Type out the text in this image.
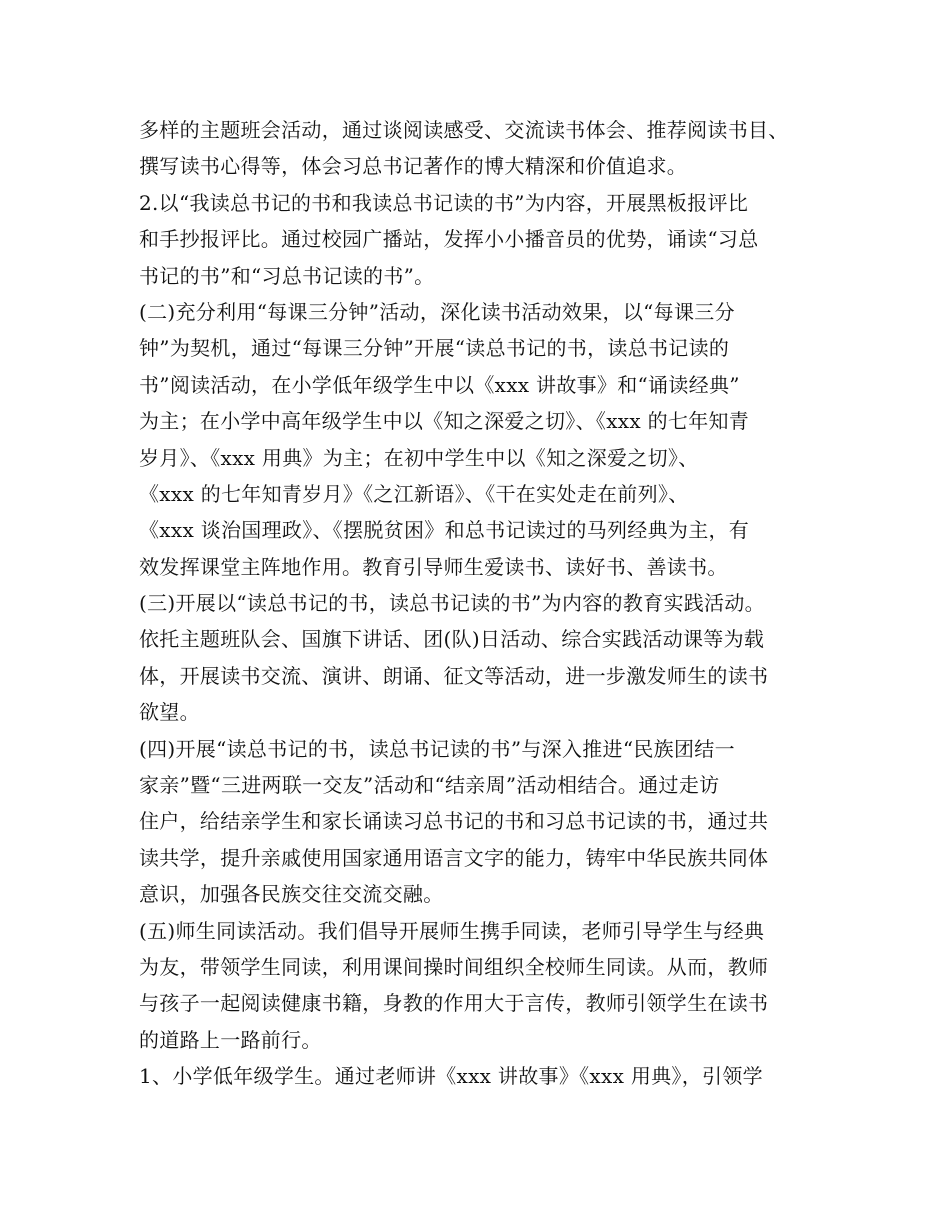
多样的主题班会活动，通过谈阅读感受、交流读书体会、推荐阅读书目、
撰写读书心得等，体会习总书记著作的博大精深和价值追求。
2.以“我读总书记的书和我读总书记读的书”为内容，开展黑板报评比
和手抄报评比。通过校园广播站，发挥小小播音员的优势，诵读“习总
书记的书”和“习总书记读的书”。
(二)充分利用“每课三分钟”活动，深化读书活动效果，以“每课三分
钟”为契机，通过“每课三分钟”开展“读总书记的书，读总书记读的
书”阅读活动，在小学低年级学生中以《xxx 讲故事》和“诵读经典”
为主；在小学中高年级学生中以《知之深爱之切》、《xxx 的七年知青
岁月》、《xxx 用典》为主；在初中学生中以《知之深爱之切》、
《xxx 的七年知青岁月》《之江新语》、《干在实处走在前列》、
《xxx 谈治国理政》、《摆脱贫困》和总书记读过的马列经典为主，有
效发挥课堂主阵地作用。教育引导师生爱读书、读好书、善读书。
(三)开展以“读总书记的书，读总书记读的书”为内容的教育实践活动。
依托主题班队会、国旗下讲话、团(队)日活动、综合实践活动课等为载
体，开展读书交流、演讲、朗诵、征文等活动，进一步激发师生的读书
欲望。
(四)开展“读总书记的书，读总书记读的书”与深入推进“民族团结一
家亲”暨“三进两联一交友”活动和“结亲周”活动相结合。通过走访
住户，给结亲学生和家长诵读习总书记的书和习总书记读的书，通过共
读共学，提升亲戚使用国家通用语言文字的能力，铸牢中华民族共同体
意识，加强各民族交往交流交融。
(五)师生同读活动。我们倡导开展师生携手同读，老师引导学生与经典
为友，带领学生同读，利用课间操时间组织全校师生同读。从而，教师
与孩子一起阅读健康书籍，身教的作用大于言传，教师引领学生在读书
的道路上一路前行。
1、小学低年级学生。通过老师讲《xxx 讲故事》《xxx 用典》，引领学
